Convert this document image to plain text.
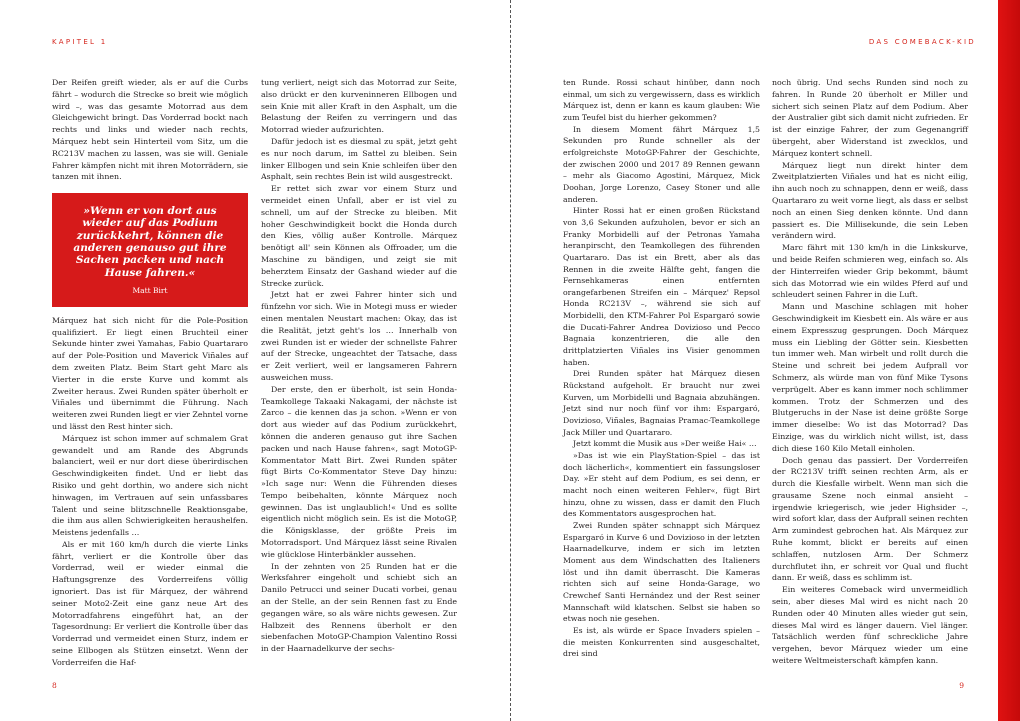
KAPITEL 1

Der Reifen greift wieder, als er auf die Curbs fährt – wodurch die Strecke so breit wie möglich wird –, was das gesamte Motorrad aus dem Gleichgewicht bringt. Das Vorderrad bockt nach rechts und links und wieder nach rechts, Márquez hebt sein Hinterteil vom Sitz, um die RC213V machen zu lassen, was sie will. Geniale Fahrer kämpfen nicht mit ihren Motorrädern, sie tanzen mit ihnen.

»Wenn er von dort aus wieder auf das Podium zurückkehrt, können die anderen genauso gut ihre Sachen packen und nach Hause fahren.«
Matt Birt

Márquez hat sich nicht für die Pole-Position qualifiziert. Er liegt einen Bruchteil einer Sekunde hinter zwei Yamahas, Fabio Quartararo auf der Pole-Position und Maverick Viñales auf dem zweiten Platz. Beim Start geht Marc als Vierter in die erste Kurve und kommt als Zweiter heraus. Zwei Runden später überholt er Viñales und übernimmt die Führung. Nach weiteren zwei Runden liegt er vier Zehntel vorne und lässt den Rest hinter sich.

Márquez ist schon immer auf schmalem Grat gewandelt und am Rande des Abgrunds balanciert, weil er nur dort diese überirdischen Geschwindigkeiten findet. Und er liebt das Risiko und geht dorthin, wo andere sich nicht hinwagen, im Vertrauen auf sein unfassbares Talent und seine blitzschnelle Reaktionsgabe, die ihm aus allen Schwierigkeiten heraushelfen. Meistens jedenfalls …

Als er mit 160 km/h durch die vierte Links fährt, verliert er die Kontrolle über das Vorderrad, weil er wieder einmal die Haftungsgrenze des Vorderreifens völlig ignoriert. Das ist für Márquez, der während seiner Moto2-Zeit eine ganz neue Art des Motorradfahrens eingeführt hat, an der Tagesordnung: Er verliert die Kontrolle über das Vorderrad und vermeidet einen Sturz, indem er seine Ellbogen als Stützen einsetzt. Wenn der Vorderreifen die Haf-

tung verliert, neigt sich das Motorrad zur Seite, also drückt er den kurveninneren Ellbogen und sein Knie mit aller Kraft in den Asphalt, um die Belastung der Reifen zu verringern und das Motorrad wieder aufzurichten.

Dafür jedoch ist es diesmal zu spät, jetzt geht es nur noch darum, im Sattel zu bleiben. Sein linker Ellbogen und sein Knie schleifen über den Asphalt, sein rechtes Bein ist wild ausgestreckt.

Er rettet sich zwar vor einem Sturz und vermeidet einen Unfall, aber er ist viel zu schnell, um auf der Strecke zu bleiben. Mit hoher Geschwindigkeit bockt die Honda durch den Kies, völlig außer Kontrolle. Márquez benötigt all' sein Können als Offroader, um die Maschine zu bändigen, und zeigt sie mit beherztem Einsatz der Gashand wieder auf die Strecke zurück.

Jetzt hat er zwei Fahrer hinter sich und fünfzehn vor sich. Wie in Motegi muss er wieder einen mentalen Neustart machen: Okay, das ist die Realität, jetzt geht's los … Innerhalb von zwei Runden ist er wieder der schnellste Fahrer auf der Strecke, ungeachtet der Tatsache, dass er Zeit verliert, weil er langsameren Fahrern ausweichen muss.

Der erste, den er überholt, ist sein Honda-Teamkollege Takaaki Nakagami, der nächste ist Zarco – die kennen das ja schon. »Wenn er von dort aus wieder auf das Podium zurückkehrt, können die anderen genauso gut ihre Sachen packen und nach Hause fahren«, sagt MotoGP-Kommentator Matt Birt. Zwei Runden später fügt Birts Co-Kommentator Steve Day hinzu: »Ich sage nur: Wenn die Führenden dieses Tempo beibehalten, könnte Márquez noch gewinnen. Das ist unglaublich!« Und es sollte eigentlich nicht möglich sein. Es ist die MotoGP, die Königsklasse, der größte Preis im Motorradsport. Und Márquez lässt seine Rivalen wie glücklose Hinterbänkler aussehen.

In der zehnten von 25 Runden hat er die Werksfahrer eingeholt und schiebt sich an Danilo Petrucci und seiner Ducati vorbei, genau an der Stelle, an der sein Rennen fast zu Ende gegangen wäre, so als wäre nichts gewesen. Zur Halbzeit des Rennens überholt er den siebenfachen MotoGP-Champion Valentino Rossi in der Haarnadelkurve der sechs-

8
DAS COMEBACK-KID

ten Runde. Rossi schaut hinüber, dann noch einmal, um sich zu vergewissern, dass es wirklich Márquez ist, denn er kann es kaum glauben: Wie zum Teufel bist du hierher gekommen?

In diesem Moment fährt Márquez 1,5 Sekunden pro Runde schneller als der erfolgreichste MotoGP-Fahrer der Geschichte, der zwischen 2000 und 2017 89 Rennen gewann – mehr als Giacomo Agostini, Márquez, Mick Doohan, Jorge Lorenzo, Casey Stoner und alle anderen.

Hinter Rossi hat er einen großen Rückstand von 3,6 Sekunden aufzuholen, bevor er sich an Franky Morbidelli auf der Petronas Yamaha heranpirscht, den Teamkollegen des führenden Quartararo. Das ist ein Brett, aber als das Rennen in die zweite Hälfte geht, fangen die Fernsehkameras einen entfernten orangefarbenen Streifen ein – Márquez' Repsol Honda RC213V –, während sie sich auf Morbidelli, den KTM-Fahrer Pol Espargaró sowie die Ducati-Fahrer Andrea Dovizioso und Pecco Bagnaia konzentrieren, die alle den drittplatzierten Viñales ins Visier genommen haben.

Drei Runden später hat Márquez diesen Rückstand aufgeholt. Er braucht nur zwei Kurven, um Morbidelli und Bagnaia abzuhängen. Jetzt sind nur noch fünf vor ihm: Espargaró, Dovizioso, Viñales, Bagnaias Pramac-Teamkollege Jack Miller und Quartararo.

Jetzt kommt die Musik aus »Der weiße Hai« …

»Das ist wie ein PlayStation-Spiel – das ist doch lächerlich«, kommentiert ein fassungsloser Day. »Er steht auf dem Podium, es sei denn, er macht noch einen weiteren Fehler«, fügt Birt hinzu, ohne zu wissen, dass er damit den Fluch des Kommentators ausgesprochen hat.

Zwei Runden später schnappt sich Márquez Espargaró in Kurve 6 und Dovizioso in der letzten Haarnadelkurve, indem er sich im letzten Moment aus dem Windschatten des Italieners löst und ihn damit überrascht. Die Kameras richten sich auf seine Honda-Garage, wo Crewchef Santi Hernández und der Rest seiner Mannschaft wild klatschen. Selbst sie haben so etwas noch nie gesehen.

Es ist, als würde er Space Invaders spielen – die meisten Konkurrenten sind ausgeschaltet, drei sind

noch übrig. Und sechs Runden sind noch zu fahren. In Runde 20 überholt er Miller und sichert sich seinen Platz auf dem Podium. Aber der Australier gibt sich damit nicht zufrieden. Er ist der einzige Fahrer, der zum Gegenangriff übergeht, aber Widerstand ist zwecklos, und Márquez kontert schnell.

Márquez liegt nun direkt hinter dem Zweitplatzierten Viñales und hat es nicht eilig, ihn auch noch zu schnappen, denn er weiß, dass Quartararo zu weit vorne liegt, als dass er selbst noch an einen Sieg denken könnte. Und dann passiert es. Die Millisekunde, die sein Leben verändern wird.

Marc fährt mit 130 km/h in die Linkskurve, und beide Reifen schmieren weg, einfach so. Als der Hinterreifen wieder Grip bekommt, bäumt sich das Motorrad wie ein wildes Pferd auf und schleudert seinen Fahrer in die Luft.

Mann und Maschine schlagen mit hoher Geschwindigkeit im Kiesbett ein. Als wäre er aus einem Expresszug gesprungen. Doch Márquez muss ein Liebling der Götter sein. Kiesbetten tun immer weh. Man wirbelt und rollt durch die Steine und schreit bei jedem Aufprall vor Schmerz, als würde man von fünf Mike Tysons verprügelt. Aber es kann immer noch schlimmer kommen. Trotz der Schmerzen und des Blutgeruchs in der Nase ist deine größte Sorge immer dieselbe: Wo ist das Motorrad? Das Einzige, was du wirklich nicht willst, ist, dass dich diese 160 Kilo Metall einholen.

Doch genau das passiert. Der Vorderreifen der RC213V trifft seinen rechten Arm, als er durch die Kiesfalle wirbelt. Wenn man sich die grausame Szene noch einmal ansieht – irgendwie kriegerisch, wie jeder Highsider –, wird sofort klar, dass der Aufprall seinen rechten Arm zumindest gebrochen hat. Als Márquez zur Ruhe kommt, blickt er bereits auf einen schlaffen, nutzlosen Arm. Der Schmerz durchflutet ihn, er schreit vor Qual und flucht dann. Er weiß, dass es schlimm ist.

Ein weiteres Comeback wird unvermeidlich sein, aber dieses Mal wird es nicht nach 20 Runden oder 40 Minuten alles wieder gut sein, dieses Mal wird es länger dauern. Viel länger. Tatsächlich werden fünf schreckliche Jahre vergehen, bevor Márquez wieder um eine weitere Weltmeisterschaft kämpfen kann.

9
